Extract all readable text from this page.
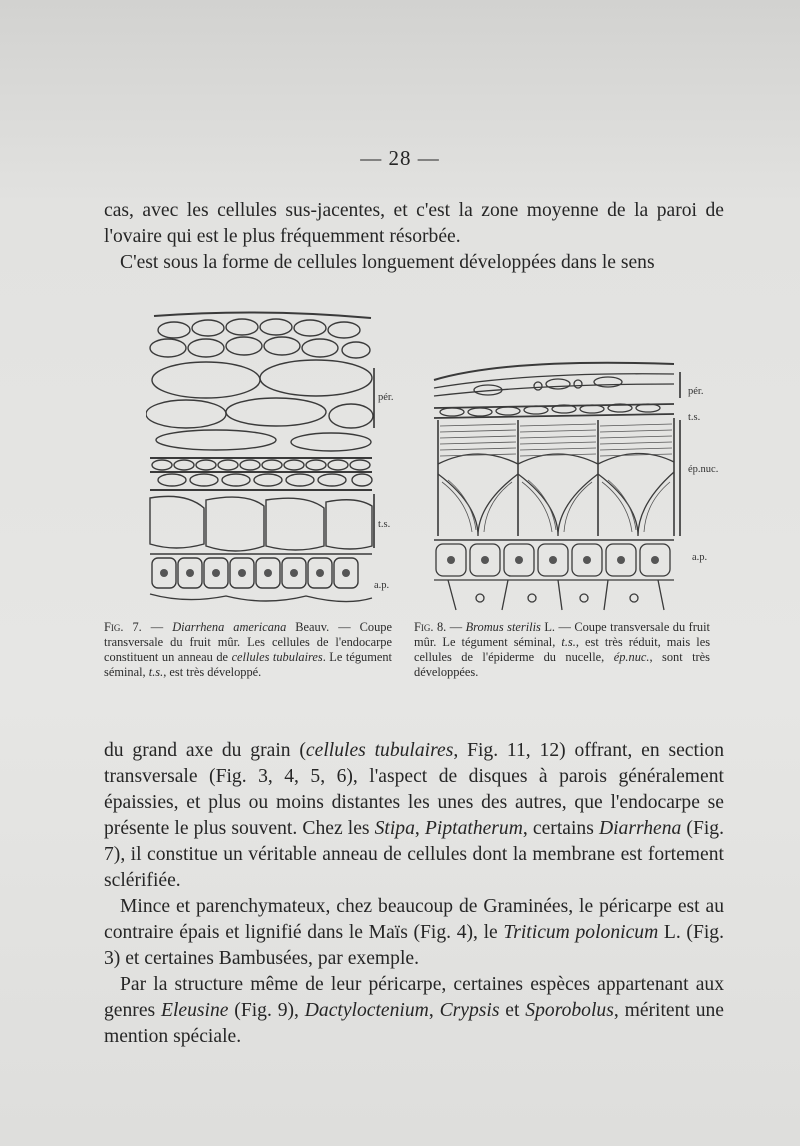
— 28 —

cas, avec les cellules sus-jacentes, et c'est la zone moyenne de la paroi de l'ovaire qui est le plus fréquemment résorbée.

C'est sous la forme de cellules longuement développées dans le sens

pér.
t.s.
a.p.

Fig. 7. — Diarrhena americana Beauv. — Coupe transversale du fruit mûr. Les cellules de l'endocarpe constituent un anneau de cellules tubulaires. Le tégument séminal, t.s., est très développé.

pér.
t.s.
ép.nuc.
a.p.

Fig. 8. — Bromus sterilis L. — Coupe transversale du fruit mûr. Le tégument séminal, t.s., est très réduit, mais les cellules de l'épiderme du nucelle, ép.nuc., sont très développées.

du grand axe du grain (cellules tubulaires, Fig. 11, 12) offrant, en section transversale (Fig. 3, 4, 5, 6), l'aspect de disques à parois généralement épaissies, et plus ou moins distantes les unes des autres, que l'endocarpe se présente le plus souvent. Chez les Stipa, Piptatherum, certains Diarrhena (Fig. 7), il constitue un véritable anneau de cellules dont la membrane est fortement sclérifiée.

Mince et parenchymateux, chez beaucoup de Graminées, le péricarpe est au contraire épais et lignifié dans le Maïs (Fig. 4), le Triticum polonicum L. (Fig. 3) et certaines Bambusées, par exemple.

Par la structure même de leur péricarpe, certaines espèces appartenant aux genres Eleusine (Fig. 9), Dactyloctenium, Crypsis et Sporobolus, méritent une mention spéciale.
